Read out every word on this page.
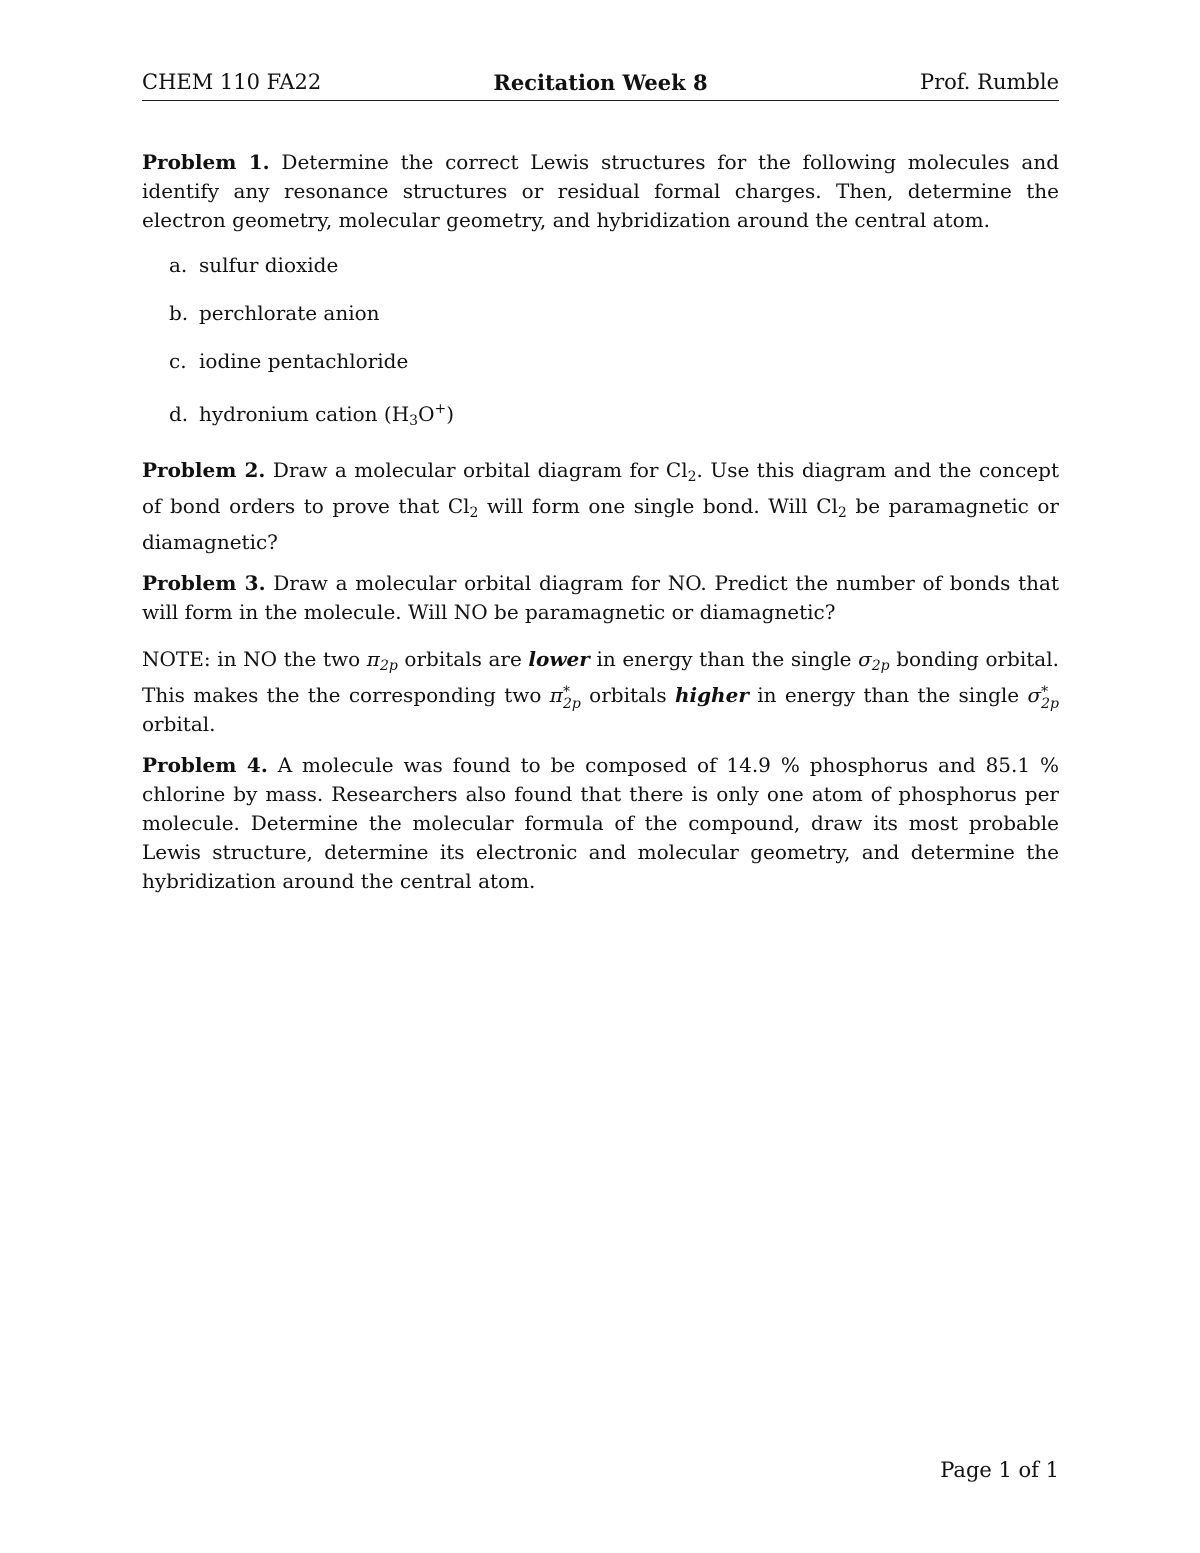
CHEM 110 FA22	Recitation Week 8	Prof. Rumble

Problem 1. Determine the correct Lewis structures for the following molecules and identify any resonance structures or residual formal charges. Then, determine the electron geometry, molecular geometry, and hybridization around the central atom.

a. sulfur dioxide
b. perchlorate anion
c. iodine pentachloride
d. hydronium cation $(H_3O^+)$

Problem 2. Draw a molecular orbital diagram for $Cl_2$. Use this diagram and the concept of bond orders to prove that $Cl_2$ will form one single bond. Will $Cl_2$ be paramagnetic or diamagnetic?

Problem 3. Draw a molecular orbital diagram for NO. Predict the number of bonds that will form in the molecule. Will NO be paramagnetic or diamagnetic?

NOTE: in NO the two $\pi_{2p}$ orbitals are lower in energy than the single $\sigma_{2p}$ bonding orbital. This makes the the corresponding two π *
2p orbitals higher in energy than the single σ *
2p
orbital.

Problem 4. A molecule was found to be composed of 14.9 % phosphorus and 85.1 % chlorine by mass. Researchers also found that there is only one atom of phosphorus per molecule. Determine the molecular formula of the compound, draw its most probable Lewis structure, determine its electronic and molecular geometry, and determine the hybridization around the central atom.

Page 1 of 1
